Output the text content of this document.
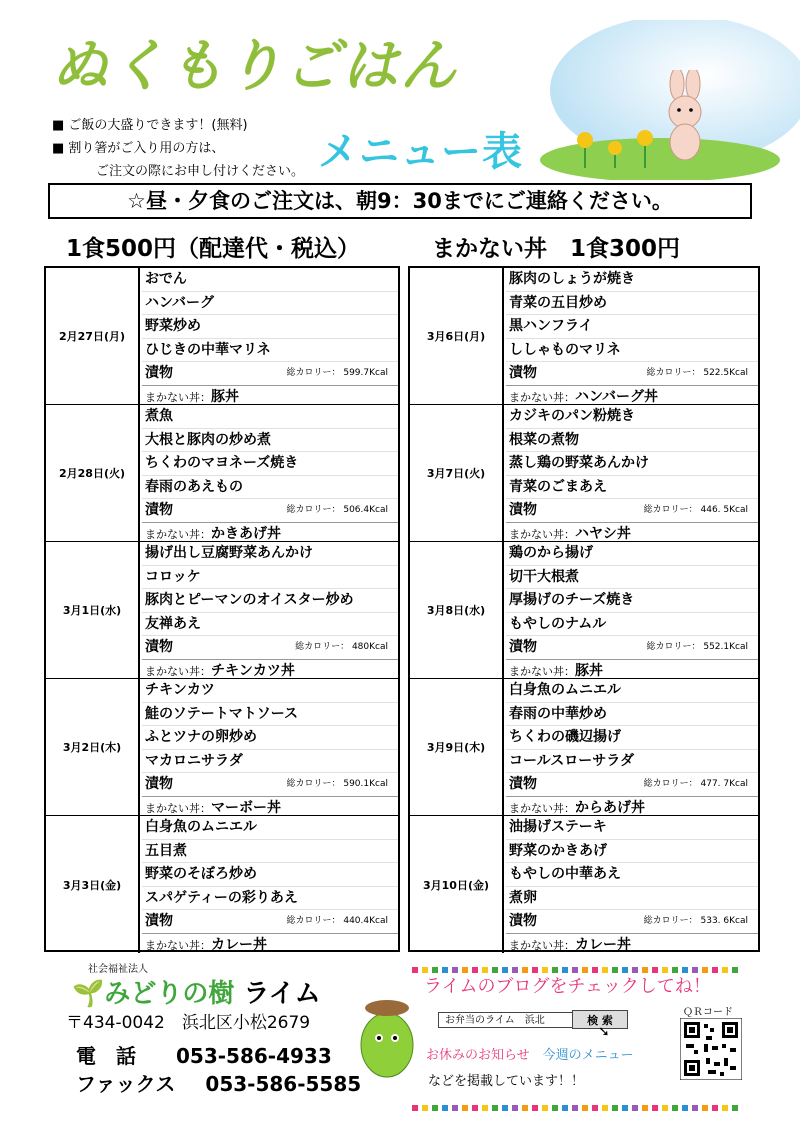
ぬくもりごはん
メニュー表
■ ご飯の大盛りできます！(無料)
■ 割り箸がご入り用の方は、
ご注文の際にお申し付けください。
☆昼・夕食のご注文は、朝9：30までにご連絡ください。
1食500円（配達代・税込）	まかない丼　1食300円
2月27日(月)
おでん
ハンバーグ
野菜炒め
ひじきの中華マリネ
漬物	総カロリー： 599.7Kcal
まかない丼：豚丼
2月28日(火)
煮魚
大根と豚肉の炒め煮
ちくわのマヨネーズ焼き
春雨のあえもの
漬物	総カロリー： 506.4Kcal
まかない丼：かきあげ丼
3月1日(水)
揚げ出し豆腐野菜あんかけ
コロッケ
豚肉とピーマンのオイスター炒め
友禅あえ
漬物	総カロリー： 480Kcal
まかない丼：チキンカツ丼
3月2日(木)
チキンカツ
鮭のソテートマトソース
ふとツナの卵炒め
マカロニサラダ
漬物	総カロリー： 590.1Kcal
まかない丼：マーボー丼
3月3日(金)
白身魚のムニエル
五目煮
野菜のそぼろ炒め
スパゲティーの彩りあえ
漬物	総カロリー： 440.4Kcal
まかない丼：カレー丼
3月6日(月)
豚肉のしょうが焼き
青菜の五目炒め
黒ハンフライ
ししゃものマリネ
漬物	総カロリー： 522.5Kcal
まかない丼：ハンバーグ丼
3月7日(火)
カジキのパン粉焼き
根菜の煮物
蒸し鶏の野菜あんかけ
青菜のごまあえ
漬物	総カロリー： 446. 5Kcal
まかない丼：ハヤシ丼
3月8日(水)
鶏のから揚げ
切干大根煮
厚揚げのチーズ焼き
もやしのナムル
漬物	総カロリー： 552.1Kcal
まかない丼：豚丼
3月9日(木)
白身魚のムニエル
春雨の中華炒め
ちくわの磯辺揚げ
コールスローサラダ
漬物	総カロリー： 477. 7Kcal
まかない丼：からあげ丼
3月10日(金)
油揚げステーキ
野菜のかきあげ
もやしの中華あえ
煮卵
漬物	総カロリー： 533. 6Kcal
まかない丼：カレー丼
社会福祉法人
🌱みどりの樹 ライム
〒434-0042　浜北区小松2679
電　話 053-586-4933
ファックス 053-586-5585
ライムのブログをチェックしてね！
お弁当のライム　浜北	検 索
➘
ＱＲコード
お休みのお知らせ　 今週のメニュー
などを掲載しています！！
